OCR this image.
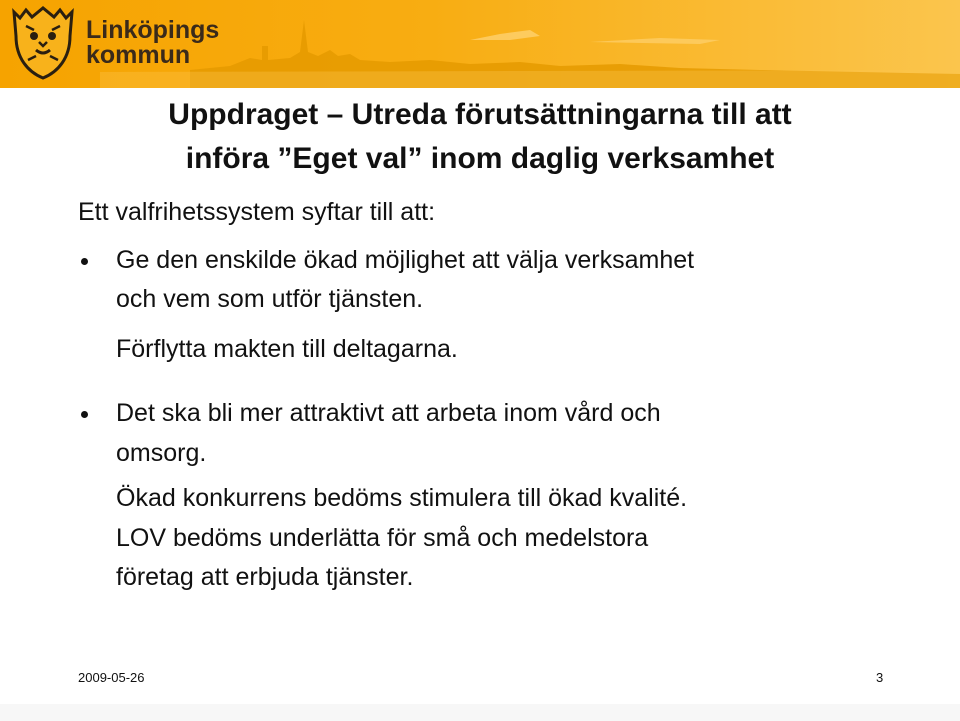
Linköpings
kommun
Uppdraget – Utreda förutsättningarna till att
införa ”Eget val” inom daglig verksamhet
Ett valfrihetssystem syftar till att:
Ge den enskilde ökad möjlighet att välja verksamhet
och vem som utför tjänsten.
Förflytta makten till deltagarna.
Det ska bli mer attraktivt att arbeta inom vård och
omsorg.
Ökad konkurrens bedöms stimulera till ökad kvalité.
LOV bedöms underlätta för små och medelstora
företag att erbjuda tjänster.
2009-05-26	3
